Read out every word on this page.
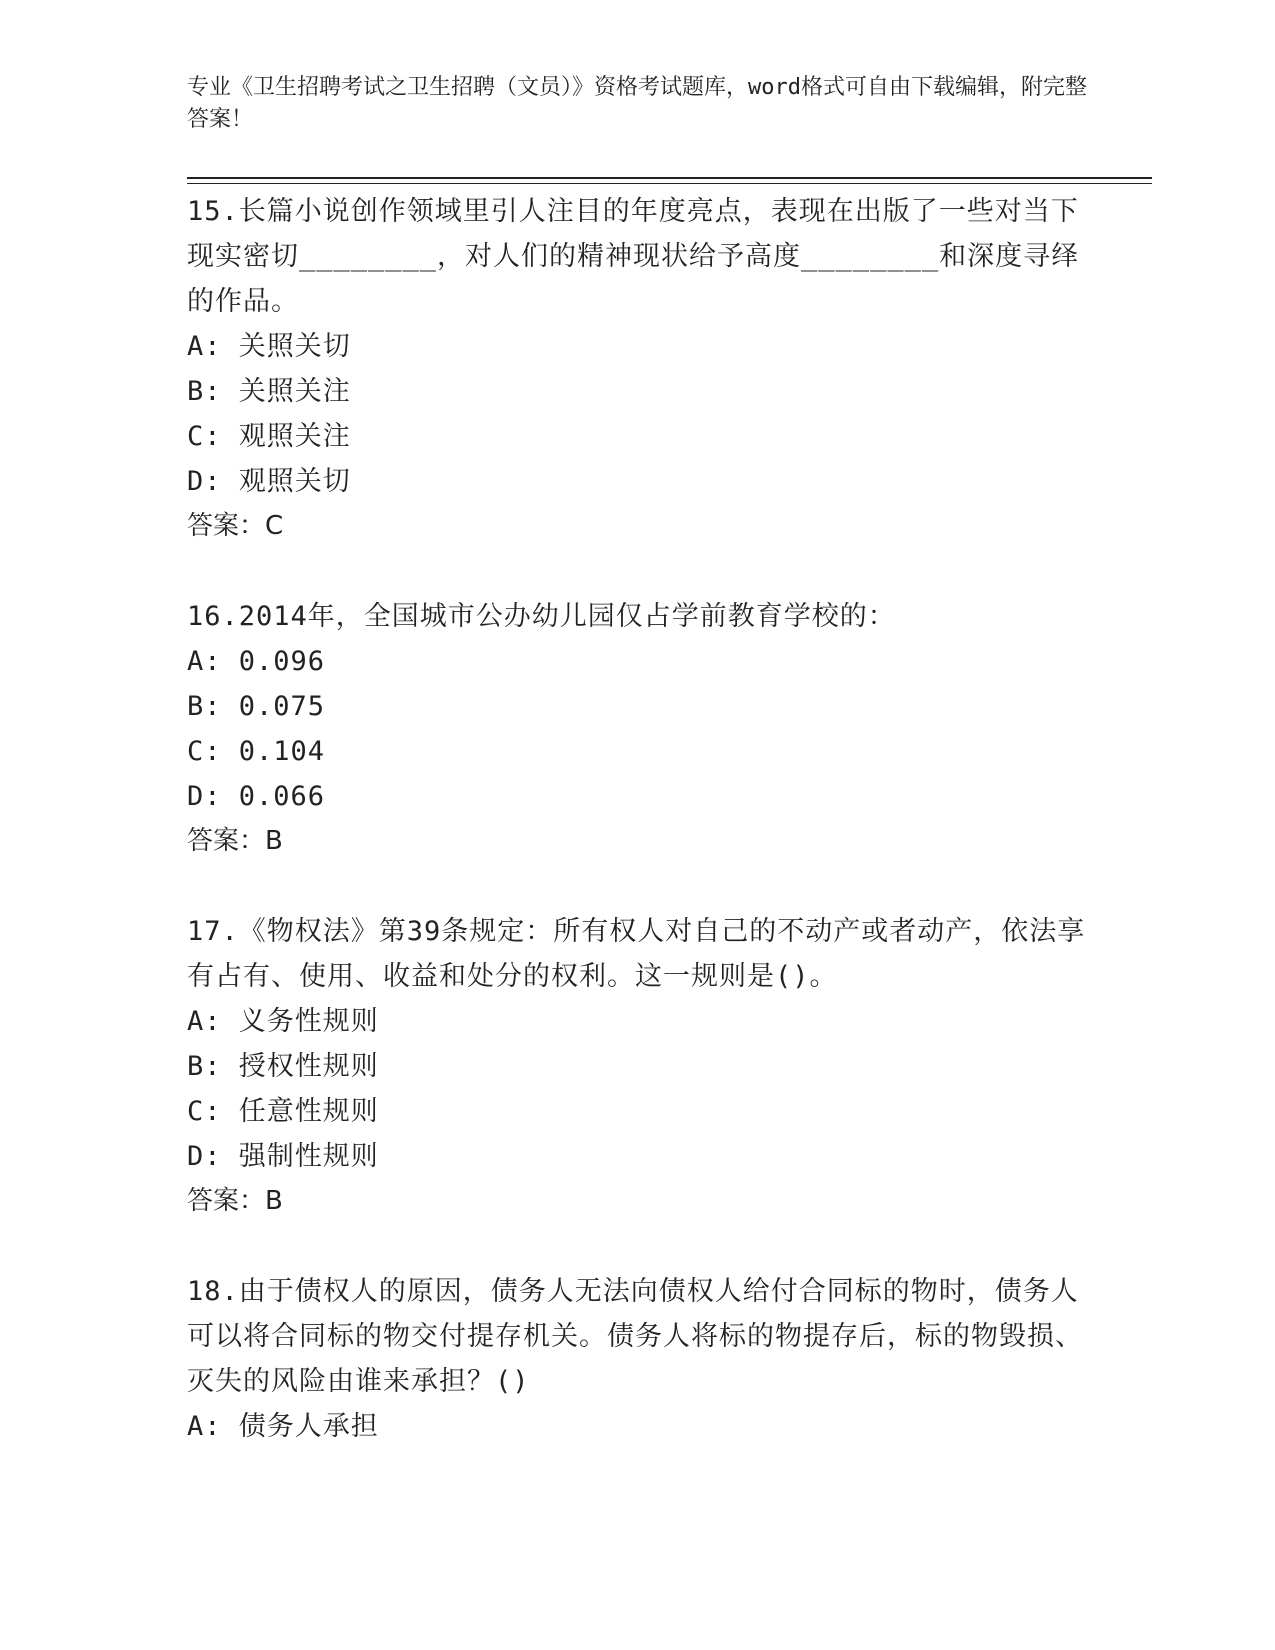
专业《卫生招聘考试之卫生招聘（文员）》资格考试题库，word格式可自由下载编辑，附完整答案！
15.长篇小说创作领域里引人注目的年度亮点，表现在出版了一些对当下现实密切________，对人们的精神现状给予高度________和深度寻绎的作品。
A: 关照关切
B: 关照关注
C: 观照关注
D: 观照关切
答案：C
16.2014年，全国城市公办幼儿园仅占学前教育学校的：
A: 0.096
B: 0.075
C: 0.104
D: 0.066
答案：B
17.《物权法》第39条规定：所有权人对自己的不动产或者动产，依法享有占有、使用、收益和处分的权利。这一规则是()。
A: 义务性规则
B: 授权性规则
C: 任意性规则
D: 强制性规则
答案：B
18.由于债权人的原因，债务人无法向债权人给付合同标的物时，债务人可以将合同标的物交付提存机关。债务人将标的物提存后，标的物毁损、灭失的风险由谁来承担？()
A: 债务人承担
